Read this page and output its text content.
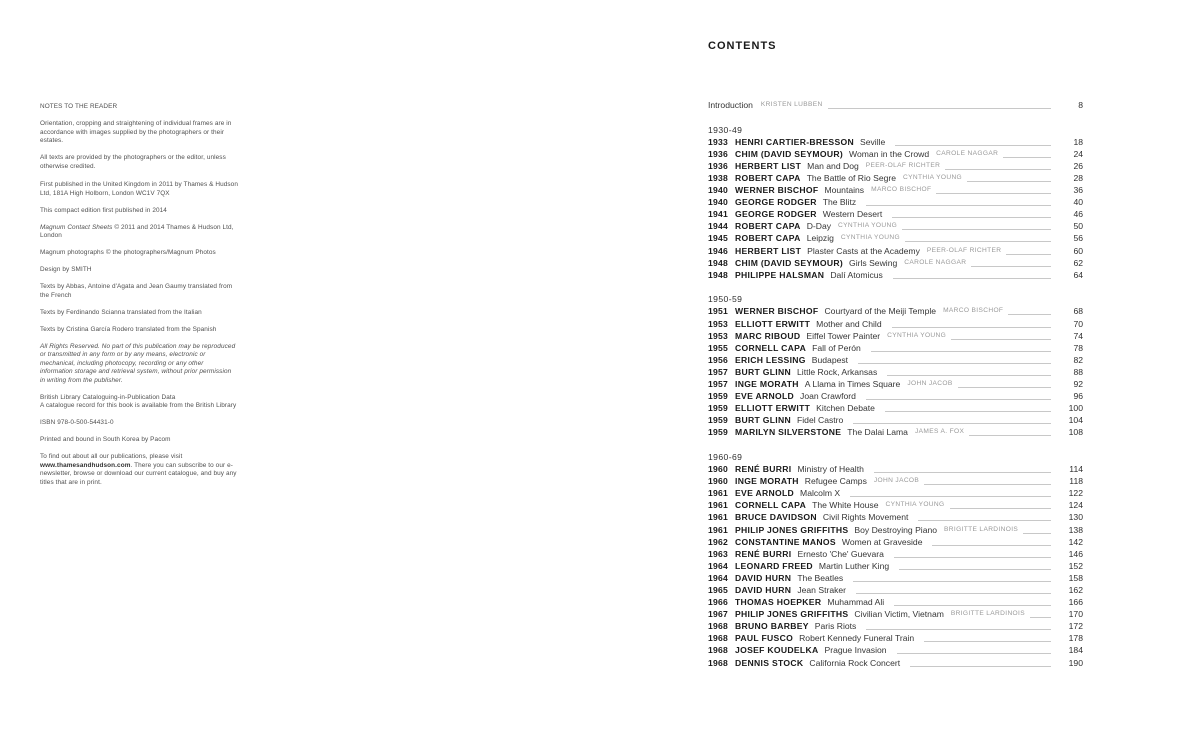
NOTES TO THE READER

Orientation, cropping and straightening of individual frames are in accordance with images supplied by the photographers or their estates.

All texts are provided by the photographers or the editor, unless otherwise credited.

First published in the United Kingdom in 2011 by Thames & Hudson Ltd, 181A High Holborn, London WC1V 7QX

This compact edition first published in 2014

Magnum Contact Sheets © 2011 and 2014 Thames & Hudson Ltd, London

Magnum photographs © the photographers/Magnum Photos

Design by SMITH

Texts by Abbas, Antoine d'Agata and Jean Gaumy translated from the French

Texts by Ferdinando Scianna translated from the Italian

Texts by Cristina García Rodero translated from the Spanish

All Rights Reserved. No part of this publication may be reproduced or transmitted in any form or by any means, electronic or mechanical, including photocopy, recording or any other information storage and retrieval system, without prior permission in writing from the publisher.

British Library Cataloguing-in-Publication Data
A catalogue record for this book is available from the British Library

ISBN 978-0-500-54431-0

Printed and bound in South Korea by Pacom

To find out about all our publications, please visit www.thamesandhudson.com. There you can subscribe to our e-newsletter, browse or download our current catalogue, and buy any titles that are in print.

CONTENTS
Introduction KRISTEN LUBBEN	8
1930-49
1933 HENRI CARTIER-BRESSON Seville	18
1936 CHIM (DAVID SEYMOUR) Woman in the Crowd CAROLE NAGGAR	24
1936 HERBERT LIST Man and Dog PEER-OLAF RICHTER	26
1938 ROBERT CAPA The Battle of Rio Segre CYNTHIA YOUNG	28
1940 WERNER BISCHOF Mountains MARCO BISCHOF	36
1940 GEORGE RODGER The Blitz	40
1941 GEORGE RODGER Western Desert	46
1944 ROBERT CAPA D-Day CYNTHIA YOUNG	50
1945 ROBERT CAPA Leipzig CYNTHIA YOUNG	56
1946 HERBERT LIST Plaster Casts at the Academy PEER-OLAF RICHTER	60
1948 CHIM (DAVID SEYMOUR) Girls Sewing CAROLE NAGGAR	62
1948 PHILIPPE HALSMAN Dalí Atomicus	64
1950-59
1951 WERNER BISCHOF Courtyard of the Meiji Temple MARCO BISCHOF	68
1953 ELLIOTT ERWITT Mother and Child	70
1953 MARC RIBOUD Eiffel Tower Painter CYNTHIA YOUNG	74
1955 CORNELL CAPA Fall of Perón	78
1956 ERICH LESSING Budapest	82
1957 BURT GLINN Little Rock, Arkansas	88
1957 INGE MORATH A Llama in Times Square JOHN JACOB	92
1959 EVE ARNOLD Joan Crawford	96
1959 ELLIOTT ERWITT Kitchen Debate	100
1959 BURT GLINN Fidel Castro	104
1959 MARILYN SILVERSTONE The Dalai Lama JAMES A. FOX	108
1960-69
1960 RENÉ BURRI Ministry of Health	114
1960 INGE MORATH Refugee Camps JOHN JACOB	118
1961 EVE ARNOLD Malcolm X	122
1961 CORNELL CAPA The White House CYNTHIA YOUNG	124
1961 BRUCE DAVIDSON Civil Rights Movement	130
1961 PHILIP JONES GRIFFITHS Boy Destroying Piano BRIGITTE LARDINOIS	138
1962 CONSTANTINE MANOS Women at Graveside	142
1963 RENÉ BURRI Ernesto 'Che' Guevara	146
1964 LEONARD FREED Martin Luther King	152
1964 DAVID HURN The Beatles	158
1965 DAVID HURN Jean Straker	162
1966 THOMAS HOEPKER Muhammad Ali	166
1967 PHILIP JONES GRIFFITHS Civilian Victim, Vietnam BRIGITTE LARDINOIS	170
1968 BRUNO BARBEY Paris Riots	172
1968 PAUL FUSCO Robert Kennedy Funeral Train	178
1968 JOSEF KOUDELKA Prague Invasion	184
1968 DENNIS STOCK California Rock Concert	190
